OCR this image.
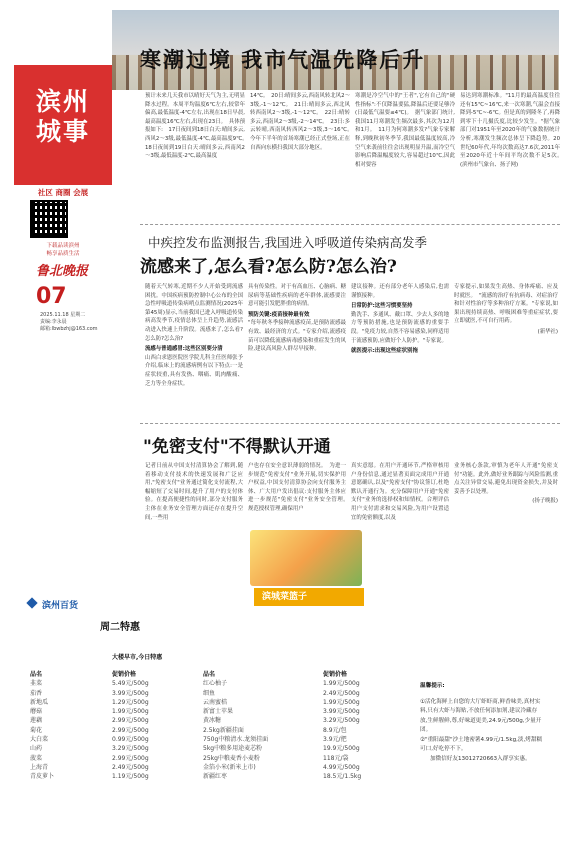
寒潮过境 我市气温先降后升
滨州
城事
社区 商圈 会展
下载品读滨州
畅享品质生活
鲁北晚报
07
2025.11.18 星期二
责编:李永晨
邮箱:lbwbzhj@163.com
预计未来几天我市以晴好天气为主,无明显降水过程。本周平均温度6℃左右,较常年偏高,最低温度-4℃左右,出现在18日早晨,最高温度16℃左右,出现在23日。　具体预报如下:　17日夜间到18日白天:晴间多云,西风2～3级,最低温度-4℃,最高温度9℃。　18日夜间到19日白天:晴间多云,西南风2～3级,最低温度-2℃,最高温度
14℃。　20日:晴间多云,西南风转北风2～3级,-1～12℃。　21日:晴间多云,西北风转西南风2～3级,-1～12℃。　22日:晴转多云,西南风2～3级,-2～14℃。　23日:多云转晴,西南风转西风2～3级,3～16℃。　今年下半年的首场寒潮已经正式登场,正在自西向东横扫我国大部分地区。
寒潮是冷空气中的"王者",它有自己的"硬性指标":不仅降温要猛,降温后还要足够冷(日最低气温要≤4℃)。　据气象部门统计,我国11月寒潮发生频次最多,其次为12月和1月。　11月为何寒潮多发?气象专家解释,到晚秋初冬季节,我国最低温度较高,冷空气来袭前往往会出现明显升温,而冷空气影响后降温幅度较大,容易超过10℃,因此相对要容
易达到寒潮标准。"11月的最高温度往往还有15℃~16℃,来一次寒潮,气温会直接降到-5℃~-6℃。但是真的到隆冬了,再降到零下十几摄氏度,比较少发生。"据气象部门对1951年至2020年的气象数据统计分析,寒潮发生频次总体呈下降趋势。20世纪60年代,年均次数高达7.6次,2011年至2020年近十年间平均次数不足5次。　(滨州市气象台、扬子网)
中疾控发布监测报告,我国进入呼吸道传染病高发季
流感来了,怎么看?怎么防?怎么治?
随着天气转寒,近期不少人开始受到流感困扰。中国疾病预防控制中心公布的全国急性呼吸道传染病哨点监测情况(2025年第45周)显示,当前我国已进入呼吸道传染病高发季节,疫情总体呈上升趋势,流感活动进入快速上升阶段。流感来了,怎么看?怎么防?怎么治?
流感与普通感冒:这些区别要分清
山西白求恩医院医学院儿科主任医师张予介绍,临床上的流感病例有以下特点:一是症状较重,具有发热、咽痛、肌肉酸痛、乏力等全身症状。
具有传染性。对于有高血压、心脑病、糖尿病等基础性疾病的老年群体,流感要注意可能引发肥胖重的病情。
预防关键:疫苗接种最有效
"每年秋冬季接种流感疫苗,是预防流感最有效、最经济的方式。"专家介绍,流感疫苗可以降低流感病毒感染和重症发生的风险,建议高风险人群尽早接种。
建议接种。还有部分老年人感染后,也需谨慎接种。
日常防护:这些习惯要坚持
勤洗手、多通风、戴口罩、少去人多的地方等预防措施,也是预防流感的重要手段。"免疫力较,自然不容易感染,同样适用于流感预防,应做好个人防护。"专家说。
就医提示:出现这些症状别拖
专家提示,如果发生高热、身体疼痛、应及时就医。　"流感的治疗有抗病毒、对症治疗和针对性治疗等多种治疗方案。"专家说,如果出现持续高热、呼吸困难等重症症状,要立即就医,不可自行用药。
(新华社)
"免密支付"不得默认开通
记者日前从中国支付清算协会了解到,随着移动支付技术的快速发展和广泛应用,"免密支付"业务通过简化支付流程,大幅缩短了交易时间,提升了用户的支付体验。在提高便捷性的同时,部分支付服务主体在业务安全管理方面还存在提升空间,一些用
户也存在安全意识薄弱的情况。　为进一步规范"免密支付"业务开展,切实保护用户权益,中国支付清算协会向支付服务主体、广大用户发出倡议:支付服务主体应进一步规范"免密支付"业务安全管理。　规范授权管理,确保用户
真实意愿。在用户开通环节,严格审核用户身份信息,通过显著页面完成用户开通意愿确认,以及"免密支付"协议签订,杜绝默认开通行为。充分保障用户开通"免密支付"业务的选择权和知情权。合理评估用户支付需求和交易风险,为用户设置适宜的免密额度,以及
业务核心条款,审慎为老年人开通"免密支付"功能。此外,做好业务跟踪与风险监测,重点关注异常交易,避免出现资金损失,并及时妥善予以处理。
(扬子晚报)
滨城菜篮子
滨州百货
周二特惠
大楼早市,今日特惠
品名	促销价格
韭菜	5.49元/500g
茄香	3.99元/500g
新地瓜	1.29元/500g
蘑菇	1.99元/500g
莲藕	2.99元/500g
菊花	2.99元/500g
大白菜	0.99元/500g
山药	3.29元/500g
菠菜	2.99元/500g
上海青	2.49元/500g
青皮萝卜	1.19元/500g
品名	促销价格
红心柚子	1.99元/500g
细鱼	2.49元/500g
云南蜜桔	1.99元/500g
新富士苹果	3.99元/500g
黄冰糖	3.29元/500g
2.5kg新疆挂面	8.9元/包
750g中粮清水.龙须挂面	3.9元/把
5kg中粮多用途麦芯粉	19.9元/500g
25kg中粮麦香小麦粉	118元/袋
金箔小米(新米上市)	4.99元/500g
新疆红枣	18.5元/1.5kg
温馨提示:
①活化海鲜上自您的大厅虾虾商,鲜香味美,真材实料,只有大虾与海贴,不放任何添加剂,建议冷藏存放,生鲜腥鲜,尊,好味道更美,24.9元/500g,少量开团。
②"重阳最甜"沙土地密薯4.99元/1.5kg,淡,烤甜糯可口,好吃停不下。
加微信好友13012720663入群享实惠。
